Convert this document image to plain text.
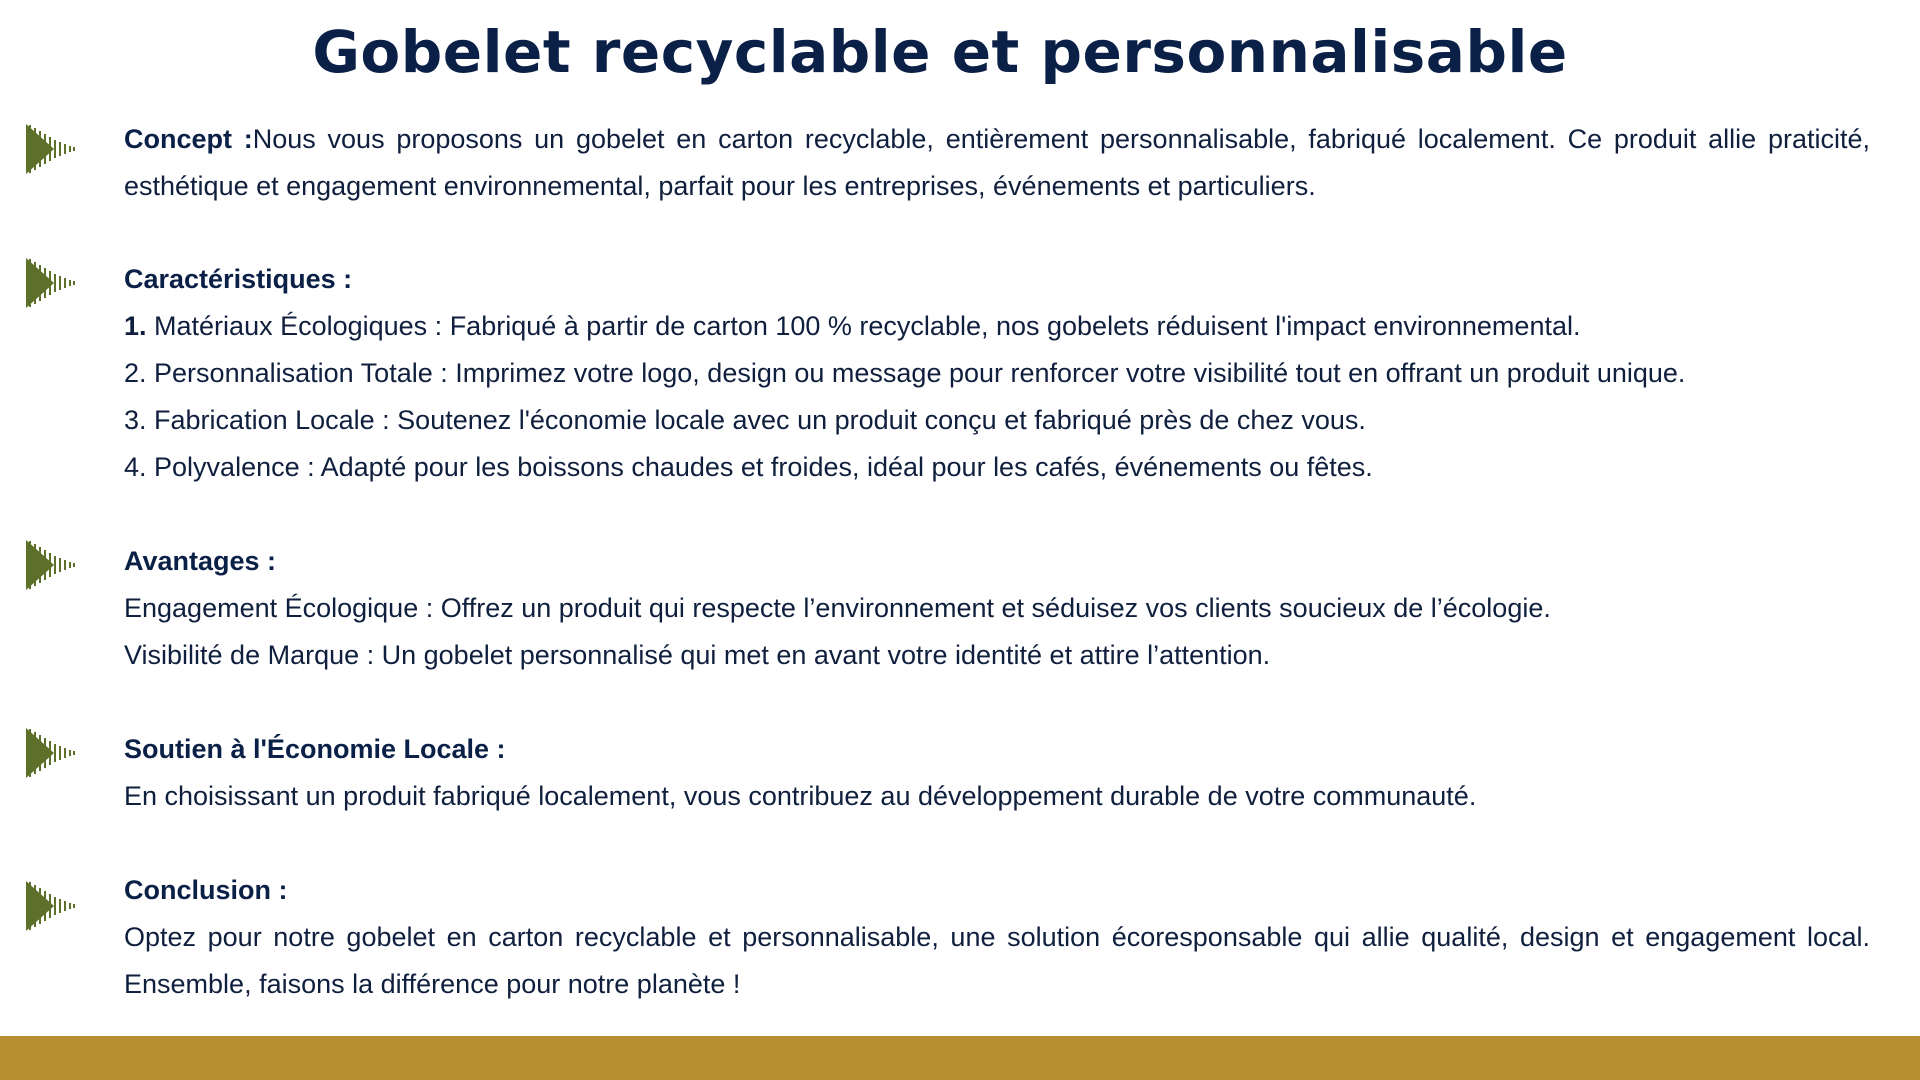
Gobelet recyclable et personnalisable
Concept :Nous vous proposons un gobelet en carton recyclable, entièrement personnalisable, fabriqué localement. Ce produit allie praticité, esthétique et engagement environnemental, parfait pour les entreprises, événements et particuliers.

Caractéristiques :

1. Matériaux Écologiques : Fabriqué à partir de carton 100 % recyclable, nos gobelets réduisent l'impact environnemental.

2. Personnalisation Totale : Imprimez votre logo, design ou message pour renforcer votre visibilité tout en offrant un produit unique.

3. Fabrication Locale : Soutenez l'économie locale avec un produit conçu et fabriqué près de chez vous.

4. Polyvalence : Adapté pour les boissons chaudes et froides, idéal pour les cafés, événements ou fêtes.

Avantages :

Engagement Écologique : Offrez un produit qui respecte l’environnement et séduisez vos clients soucieux de l’écologie.

Visibilité de Marque : Un gobelet personnalisé qui met en avant votre identité et attire l’attention.

Soutien à l'Économie Locale :

En choisissant un produit fabriqué localement, vous contribuez au développement durable de votre communauté.

Conclusion :

Optez pour notre gobelet en carton recyclable et personnalisable, une solution écoresponsable qui allie qualité, design et engagement local. Ensemble, faisons la différence pour notre planète !
